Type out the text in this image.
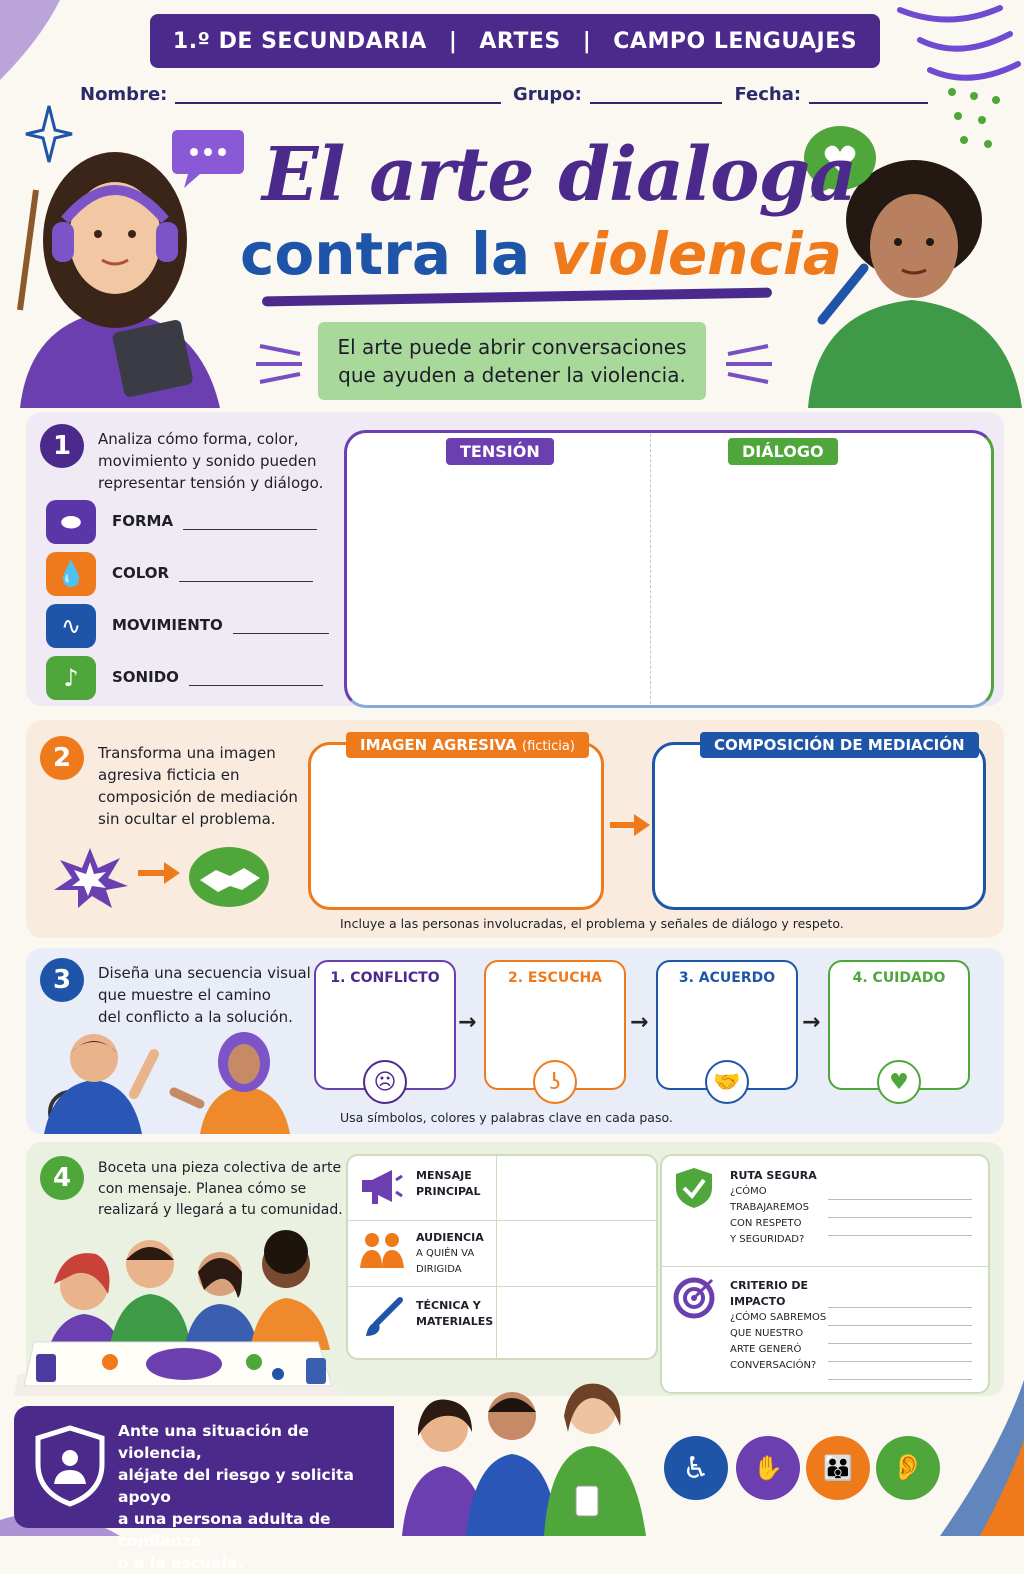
1.º DE SECUNDARIA | ARTES | CAMPO LENGUAJES
Nombre:	Grupo:	Fecha:
El arte dialoga
contra la violencia
El arte puede abrir conversaciones
que ayuden a detener la violencia.
1	Analiza cómo forma, color,
movimiento y sonido pueden
representar tensión y diálogo.
⬬	FORMA
💧	COLOR
∿	MOVIMIENTO
♪	SONIDO
TENSIÓN	DIÁLOGO
2	Transforma una imagen
agresiva ficticia en
composición de mediación
sin ocultar el problema.
IMAGEN AGRESIVA (ficticia)	COMPOSICIÓN DE MEDIACIÓN
Incluye a las personas involucradas, el problema y señales de diálogo y respeto.
3	Diseña una secuencia visual
que muestre el camino
del conflicto a la solución.
1. CONFLICTO
☹
→
2. ESCUCHA
ʖ
→
3. ACUERDO
🤝
→
4. CUIDADO
♥
Usa símbolos, colores y palabras clave en cada paso.
4	Boceta una pieza colectiva de arte
con mensaje. Planea cómo se
realizará y llegará a tu comunidad.
MENSAJE
PRINCIPAL
AUDIENCIA
A QUIÉN VA
DIRIGIDA
TÉCNICA Y
MATERIALES
RUTA SEGURA
¿CÓMO
TRABAJAREMOS
CON RESPETO
Y SEGURIDAD?
CRITERIO DE
IMPACTO
¿CÓMO SABREMOS
QUE NUESTRO
ARTE GENERÓ
CONVERSACIÓN?
Ante una situación de violencia,
aléjate del riesgo y solicita apoyo
a una persona adulta de confianza
o a la escuela.
♿	✋	👪	👂
